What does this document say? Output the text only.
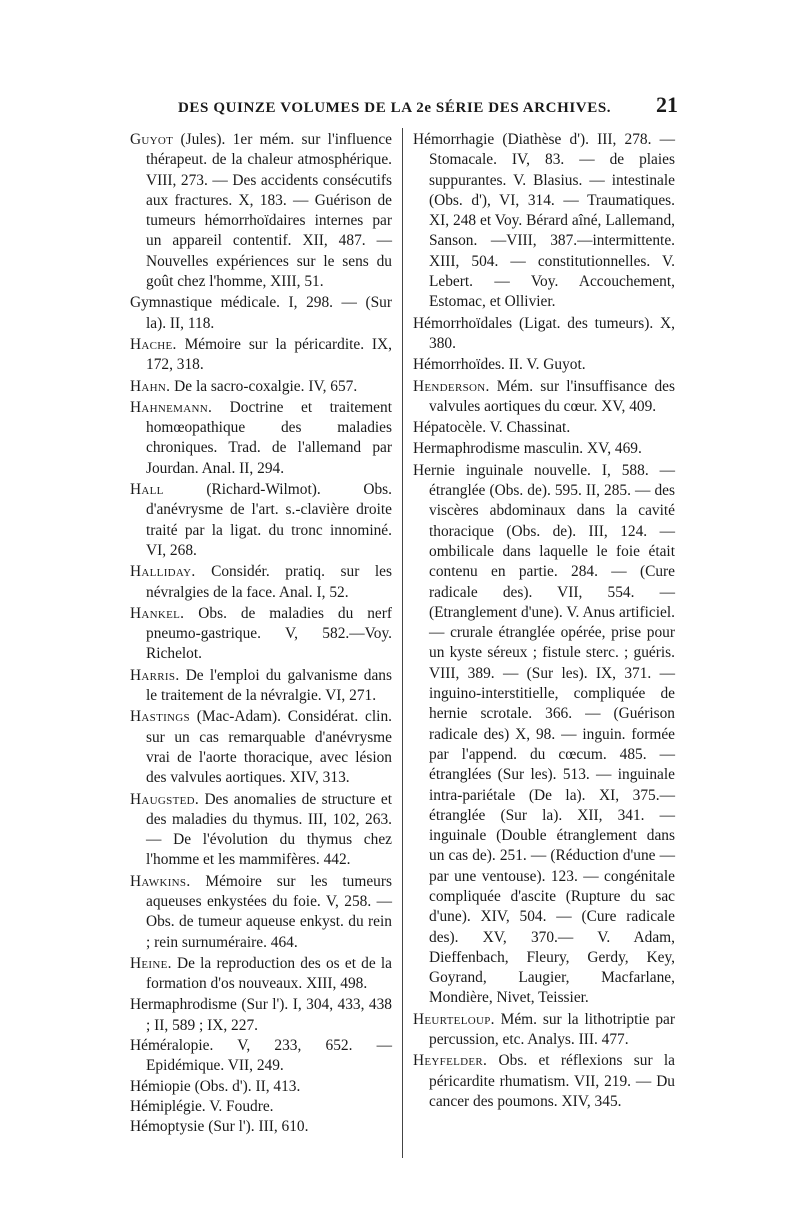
DES QUINZE VOLUMES DE LA 2e SÉRIE DES ARCHIVES. 21

Guyot (Jules). 1er mém. sur l'influence thérapeut. de la chaleur atmosphérique. VIII, 273. — Des accidents consécutifs aux fractures. X, 183. — Guérison de tumeurs hémorrhoïdaires internes par un appareil contentif. XII, 487. — Nouvelles expériences sur le sens du goût chez l'homme, XIII, 51.

Gymnastique médicale. I, 298. — (Sur la). II, 118.

Hache. Mémoire sur la péricardite. IX, 172, 318.

Hahn. De la sacro-coxalgie. IV, 657.

Hahnemann. Doctrine et traitement homœopathique des maladies chroniques. Trad. de l'allemand par Jourdan. Anal. II, 294.

Hall	(Richard-Wilmot). Obs. d'anévrysme de l'art. s.-clavière droite traité par la ligat. du tronc innominé. VI, 268.

Halliday. Considér. pratiq. sur les névralgies de la face. Anal. I, 52.

Hankel. Obs. de maladies du nerf pneumo-gastrique. V, 582.—Voy. Richelot.

Harris. De l'emploi du galvanisme dans le traitement de la névralgie. VI, 271.

Hastings (Mac-Adam). Considérat. clin. sur un cas remarquable d'anévrysme vrai de l'aorte thoracique, avec lésion des valvules aortiques. XIV, 313.

Haugsted. Des anomalies de structure et des maladies du thymus. III, 102, 263. — De l'évolution du thymus chez l'homme et les mammifères. 442.

Hawkins. Mémoire sur les tumeurs aqueuses enkystées du foie. V, 258. —Obs. de tumeur aqueuse enkyst. du rein ; rein surnuméraire. 464.

Heine. De la reproduction des os et de la formation d'os nouveaux. XIII, 498.

Hermaphrodisme (Sur l'). I, 304, 433, 438 ; II, 589 ; IX, 227.

Héméralopie. V, 233, 652. — Epidémique. VII, 249.

Hémiopie (Obs. d'). II, 413.

Hémiplégie. V. Foudre.

Hémoptysie (Sur l'). III, 610.

Hémorrhagie (Diathèse d'). III, 278. — Stomacale. IV, 83. — de plaies suppurantes. V. Blasius. — intestinale (Obs. d'), VI, 314. — Traumatiques. XI, 248 et Voy. Bérard aîné, Lallemand, Sanson. —VIII, 387.—intermittente. XIII, 504. — constitutionnelles. V. Lebert. — Voy. Accouchement, Estomac, et Ollivier.

Hémorrhoïdales (Ligat. des tumeurs). X, 380.

Hémorrhoïdes. II. V. Guyot.

Henderson. Mém. sur l'insuffisance des valvules aortiques du cœur. XV, 409.

Hépatocèle. V. Chassinat.

Hermaphrodisme masculin. XV, 469.

Hernie inguinale nouvelle. I, 588. — étranglée (Obs. de). 595. II, 285. — des viscères abdominaux dans la cavité thoracique (Obs. de). III, 124. — ombilicale dans laquelle le foie était contenu en partie. 284. — (Cure radicale des). VII, 554. — (Etranglement d'une). V. Anus artificiel.— crurale étranglée opérée, prise pour un kyste séreux ; fistule sterc. ; guéris. VIII, 389. — (Sur les). IX, 371. — inguino-interstitielle, compliquée de hernie scrotale. 366. — (Guérison radicale des) X, 98. — inguin. formée par l'append. du cœcum. 485. — étranglées (Sur les). 513. — inguinale intra-pariétale (De la). XI, 375.— étranglée (Sur la). XII, 341. — inguinale (Double étranglement dans un cas de). 251. — (Réduction d'une — par une ventouse). 123. — congénitale compliquée d'ascite (Rupture du sac d'une). XIV, 504. — (Cure radicale des). XV, 370.— V. Adam, Dieffenbach, Fleury, Gerdy, Key, Goyrand, Laugier, Macfarlane, Mondière, Nivet, Teissier.

Heurteloup. Mém. sur la lithotriptie par percussion, etc. Analys. III. 477.

Heyfelder. Obs. et réflexions sur la péricardite rhumatism. VII, 219. — Du cancer des poumons. XIV, 345.
